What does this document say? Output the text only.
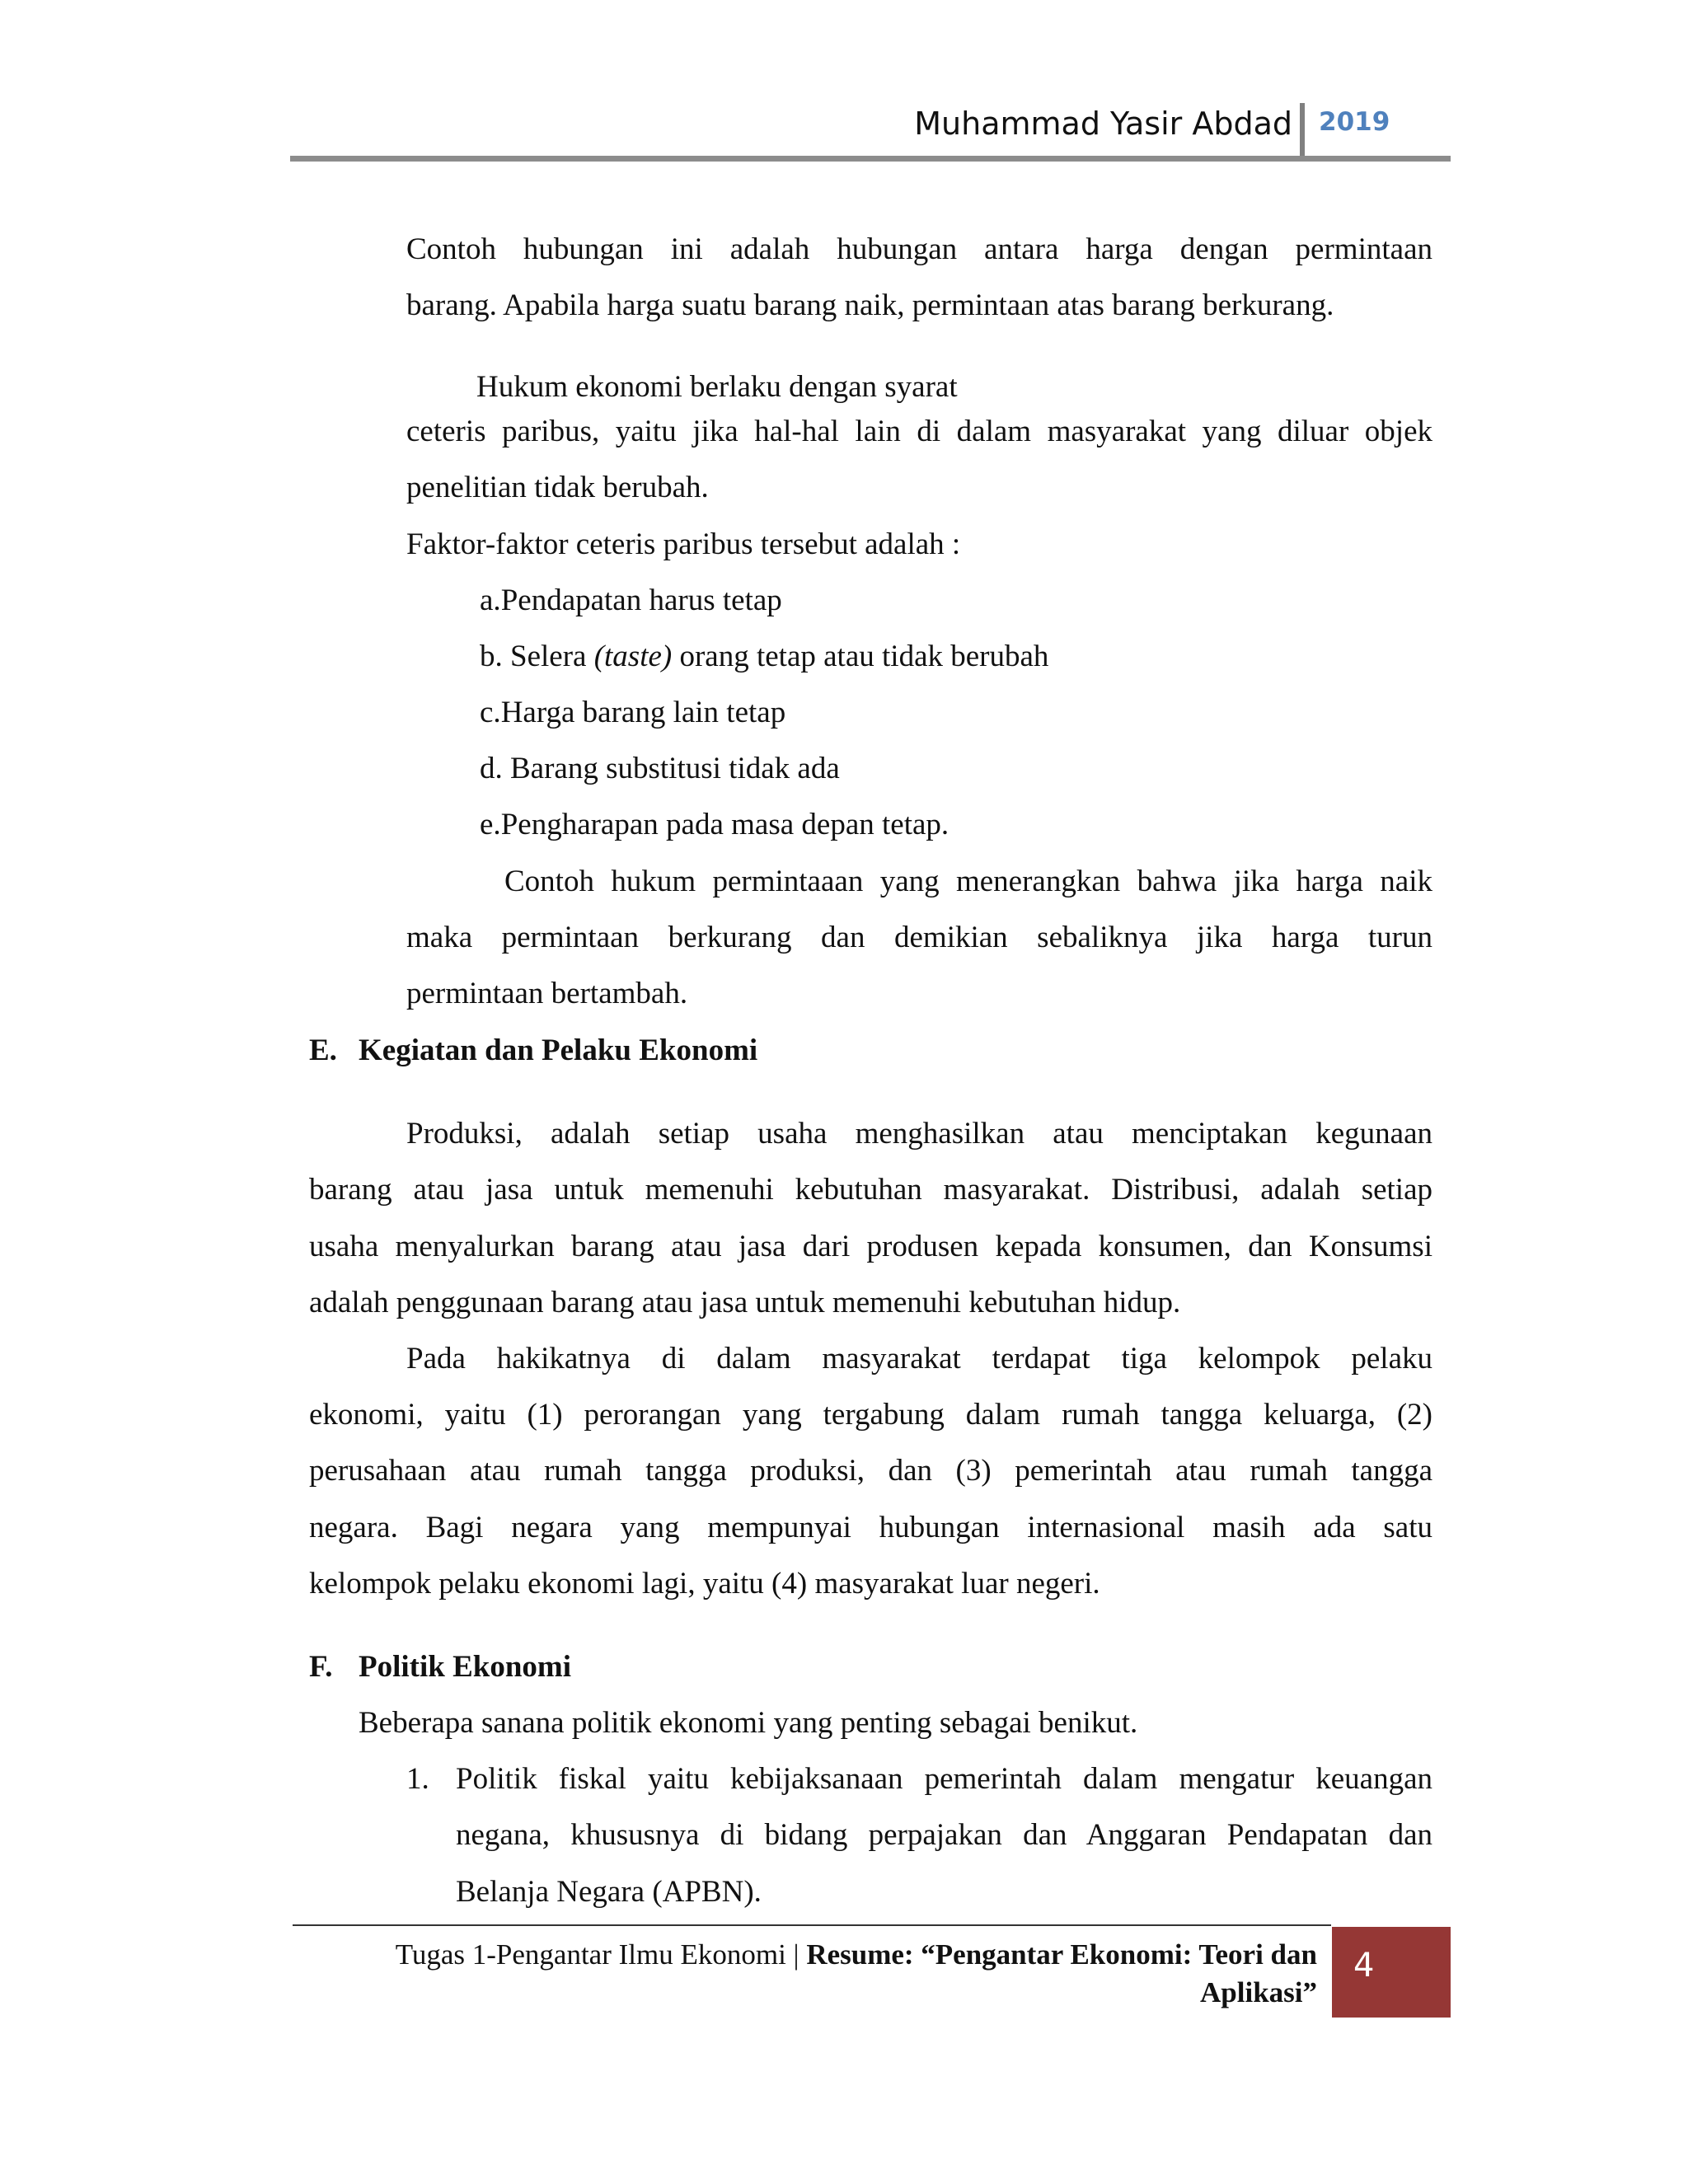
Muhammad Yasir Abdad 2019
Contoh hubungan ini adalah hubungan antara harga dengan permintaan
barang. Apabila harga suatu barang naik, permintaan atas barang berkurang.
Hukum ekonomi berlaku dengan syarat
ceteris paribus, yaitu jika hal-hal lain di dalam masyarakat yang diluar objek
penelitian tidak berubah.
Faktor-faktor ceteris paribus tersebut adalah :
a.Pendapatan harus tetap
b. Selera (taste) orang tetap atau tidak berubah
c.Harga barang lain tetap
d. Barang substitusi tidak ada
e.Pengharapan pada masa depan tetap.
Contoh hukum permintaaan yang menerangkan bahwa jika harga naik
maka permintaan berkurang dan demikian sebaliknya jika harga turun
permintaan bertambah.
E. Kegiatan dan Pelaku Ekonomi
Produksi, adalah setiap usaha menghasilkan atau menciptakan kegunaan
barang atau jasa untuk memenuhi kebutuhan masyarakat. Distribusi, adalah setiap
usaha menyalurkan barang atau jasa dari produsen kepada konsumen, dan Konsumsi
adalah penggunaan barang atau jasa untuk memenuhi kebutuhan hidup.
Pada hakikatnya di dalam masyarakat terdapat tiga kelompok pelaku
ekonomi, yaitu (1) perorangan yang tergabung dalam rumah tangga keluarga, (2)
perusahaan atau rumah tangga produksi, dan (3) pemerintah atau rumah tangga
negara. Bagi negara yang mempunyai hubungan internasional masih ada satu
kelompok pelaku ekonomi lagi, yaitu (4) masyarakat luar negeri.
F. Politik Ekonomi
Beberapa sanana politik ekonomi yang penting sebagai benikut.
1. Politik fiskal yaitu kebijaksanaan pemerintah dalam mengatur keuangan
negana, khususnya di bidang perpajakan dan Anggaran Pendapatan dan
Belanja Negara (APBN).
Tugas 1-Pengantar Ilmu Ekonomi | Resume: “Pengantar Ekonomi: Teori dan
Aplikasi”
4
